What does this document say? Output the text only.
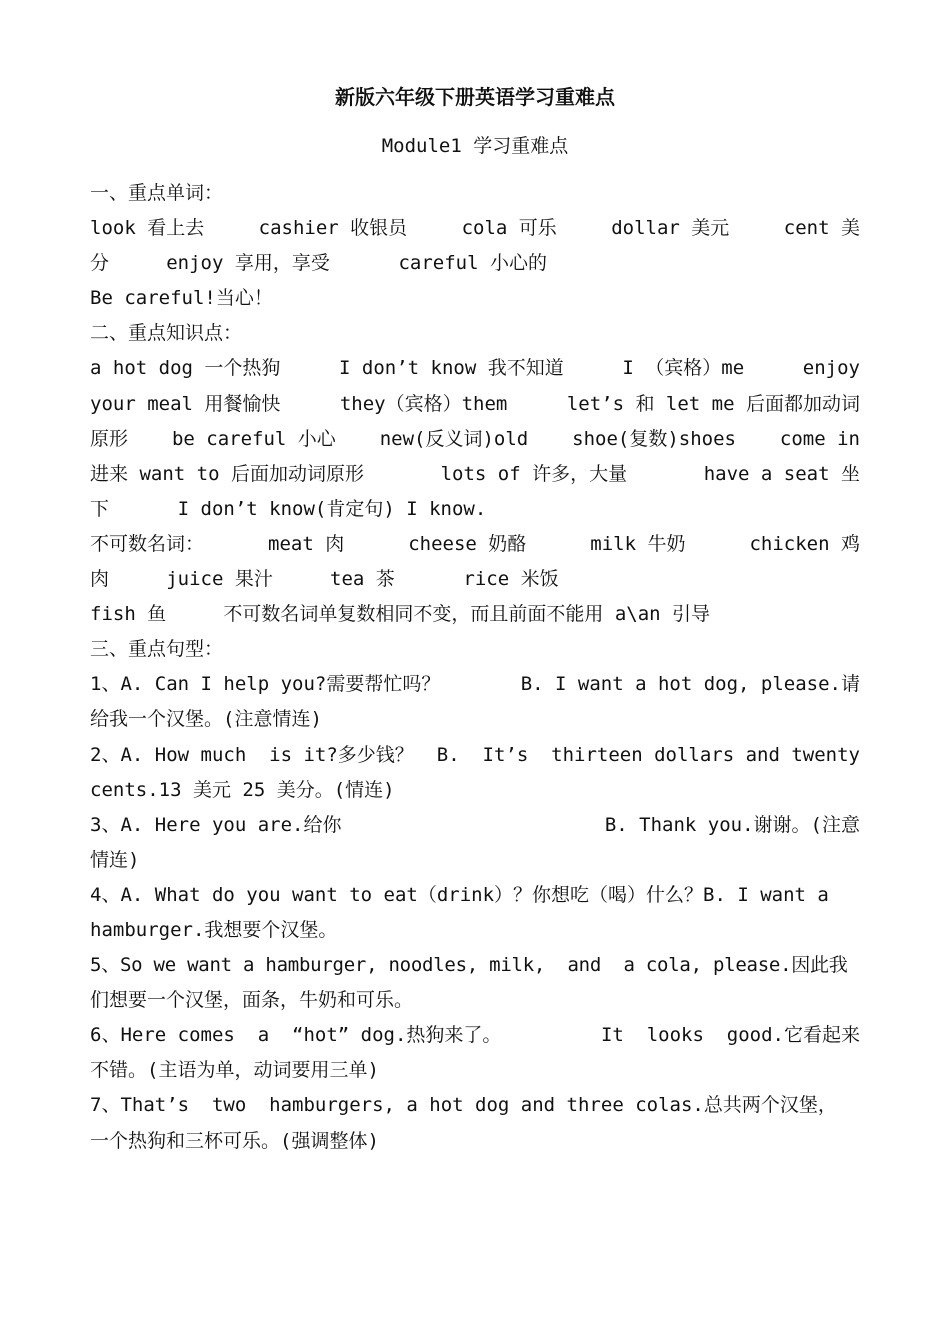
新版六年级下册英语学习重难点
Module1 学习重难点
一、重点单词：
look 看上去	cashier 收银员	cola 可乐	dollar 美元	cent 美
分     enjoy 享用，享受      careful 小心的
Be careful!当心！
二、重点知识点：
a hot dog 一个热狗	I don’t know 我不知道	I （宾格）me	enjoy
your meal 用餐愉快	they（宾格）them	let’s 和 let me 后面都加动词
原形 be careful 小心 new(反义词)old shoe(复数)shoes come in
进来 want to 后面加动词原形	lots of 许多，大量	have a seat 坐
下      I don’t know(肯定句) I know.
不可数名词：	meat 肉	cheese 奶酪	milk 牛奶	chicken 鸡
肉     juice 果汁     tea 茶      rice 米饭
fish 鱼     不可数名词单复数相同不变，而且前面不能用 a\an 引导
三、重点句型：
1、A. Can I help you?需要帮忙吗？	B. I want a hot dog, please.请
给我一个汉堡。(注意情连)
2、A. How much  is it?多少钱？ B.  It’s  thirteen dollars and twenty
cents.13 美元 25 美分。(情连)
3、A. Here you are.给你	B. Thank you.谢谢。(注意
情连)
4、A. What do you want to eat（drink）？你想吃（喝）什么？B. I want a
hamburger.我想要个汉堡。
5、So we want a hamburger, noodles, milk,  and  a cola, please.因此我
们想要一个汉堡，面条，牛奶和可乐。
6、Here comes  a  “hot” dog.热狗来了。	It  looks  good.它看起来
不错。(主语为单，动词要用三单)
7、That’s  two  hamburgers, a hot dog and three colas.总共两个汉堡，
一个热狗和三杯可乐。(强调整体)
